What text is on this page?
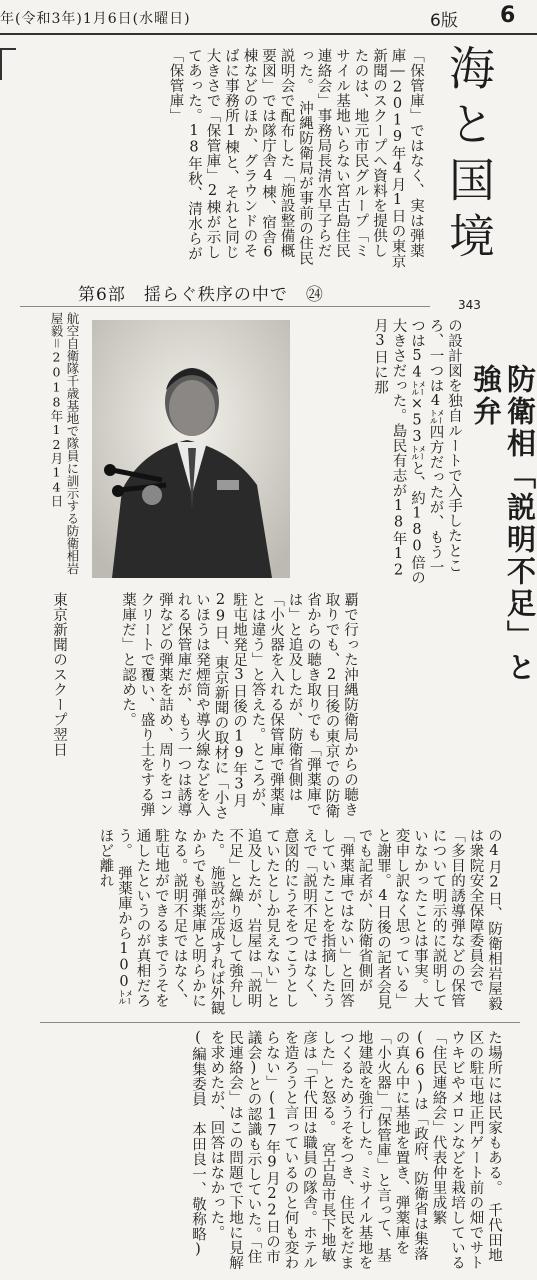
年(令和3年)1月6日(水曜日)	6版 6
海と国境
343
「保管庫」ではなく、実は弾薬庫―2019年4月1日の東京新聞のスクープへ資料を提供したのは、地元市民グループ「ミサイル基地いらない宮古島住民連絡会」事務局長清水早子らだった。　沖縄防衛局が事前の住民説明会で配布した「施設整備概要図」では隊庁舎4棟、宿舎6棟などのほか、グラウンドのそばに事務所1棟と、それと同じ大きさで「保管庫」2棟が示してあった。18年秋、清水らが「保管庫」
第6部　揺らぐ秩序の中で　㉔
防衛相「説明不足」と強弁
の設計図を独自ルートで入手したところ、一つは4㍍四方だったが、もう一つは54㍍×53㍍と、約180倍の大きさだった。島民有志が18年12月3日に那
航空自衛隊千歳基地で隊員に訓示する防衛相岩屋毅＝2018年12月14日
覇で行った沖縄防衛局からの聴き取りでも、2日後の東京での防衛省からの聴き取りでも「弾薬庫では」と追及したが、防衛省側は「小火器を入れる保管庫で弾薬庫とは違う」と答えた。ところが、駐屯地発足3日後の19年3月29日、東京新聞の取材に「小さいほうは発煙筒や導火線などを入れる保管庫だが、もう一つは誘導弾などの弾薬を詰め、周りをコンクリートで覆い、盛り土をする弾薬庫だ」と認めた。
東京新聞のスクープ翌日
の4月2日、防衛相岩屋毅は衆院安全保障委員会で「多目的誘導弾などの保管について明示的に説明していなかったことは事実。大変申し訳なく思っている」と謝罪。4日後の記者会見でも記者が、防衛省側が「弾薬庫ではない」と回答していたことを指摘したうえで「説明不足ではなく、意図的にうそをつこうとしていたとしか見えない」と追及したが、岩屋は「説明不足」と繰り返して強弁した。　施設が完成すれば外観からでも弾薬庫と明らかになる。説明不足ではなく、駐屯地ができるまでうそを通したというのが真相だろう。　弾薬庫から100㍍ほど離れ
た場所には民家もある。　千代田地区の駐屯地正門ゲート前の畑でサトウキビやメロンなどを栽培している「住民連絡会」代表仲里成繁(66)は「政府、防衛省は集落の真ん中に基地を置き、弾薬庫を「小火器」「保管庫」と言って、基地建設を強行した。ミサイル基地をつくるためうそをつき、住民をだました」と怒る。　宮古島市長下地敏彦は「千代田は職員の隊舎。ホテルを造ろうと言っているのと何も変わらない」(17年9月22日の市議会)との認識も示していた。「住民連絡会」はこの問題で下地に見解を求めたが、回答はなかった。(編集委員　本田良一、敬称略)
